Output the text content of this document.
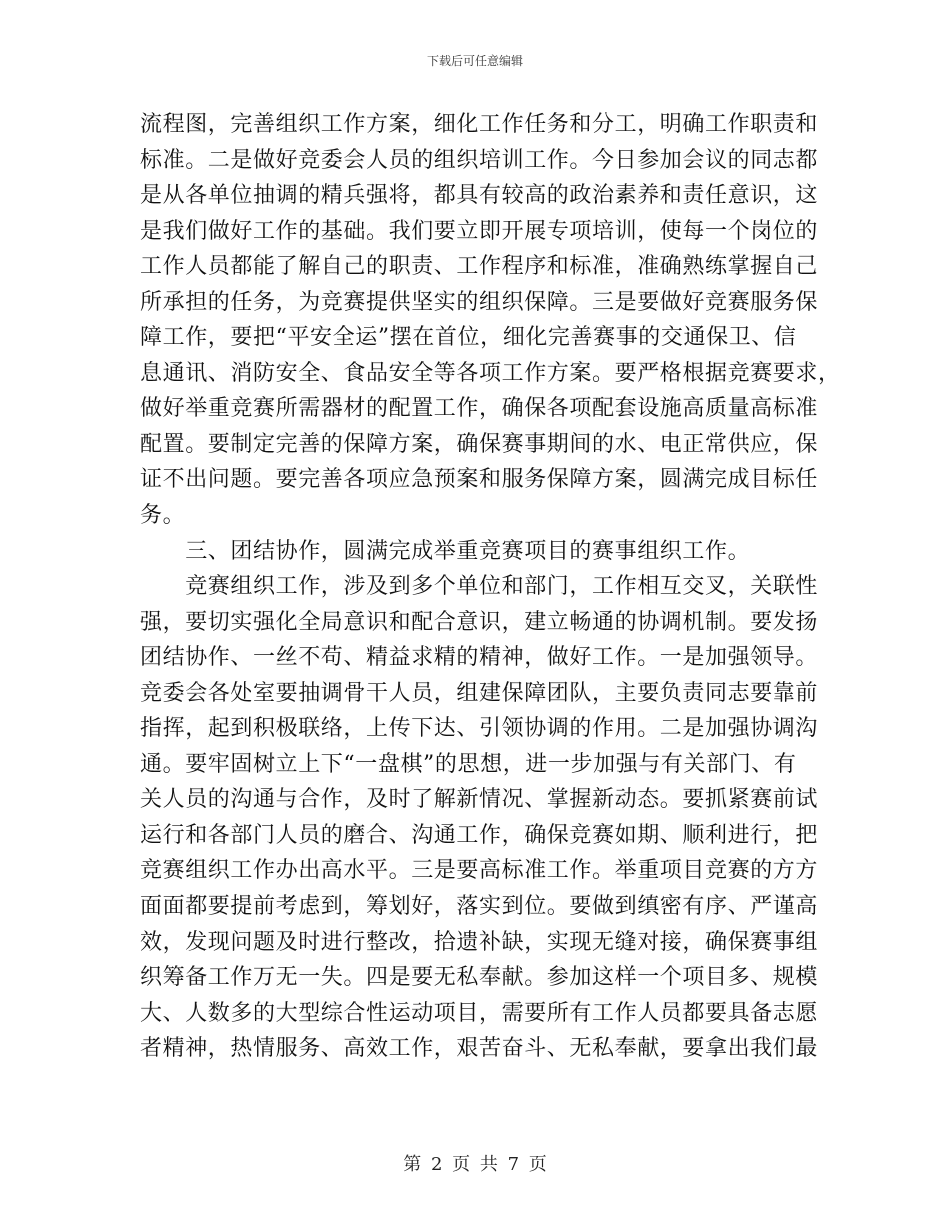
下载后可任意编辑
流程图，完善组织工作方案，细化工作任务和分工，明确工作职责和
标准。二是做好竞委会人员的组织培训工作。今日参加会议的同志都
是从各单位抽调的精兵强将，都具有较高的政治素养和责任意识，这
是我们做好工作的基础。我们要立即开展专项培训，使每一个岗位的
工作人员都能了解自己的职责、工作程序和标准，准确熟练掌握自己
所承担的任务，为竞赛提供坚实的组织保障。三是要做好竞赛服务保
障工作，要把“平安全运”摆在首位，细化完善赛事的交通保卫、信
息通讯、消防安全、食品安全等各项工作方案。要严格根据竞赛要求，
做好举重竞赛所需器材的配置工作，确保各项配套设施高质量高标准
配置。要制定完善的保障方案，确保赛事期间的水、电正常供应，保
证不出问题。要完善各项应急预案和服务保障方案，圆满完成目标任
务。
　　三、团结协作，圆满完成举重竞赛项目的赛事组织工作。
　　竞赛组织工作，涉及到多个单位和部门，工作相互交叉，关联性
强，要切实强化全局意识和配合意识，建立畅通的协调机制。要发扬
团结协作、一丝不苟、精益求精的精神，做好工作。一是加强领导。
竞委会各处室要抽调骨干人员，组建保障团队，主要负责同志要靠前
指挥，起到积极联络，上传下达、引领协调的作用。二是加强协调沟
通。要牢固树立上下“一盘棋”的思想，进一步加强与有关部门、有
关人员的沟通与合作，及时了解新情况、掌握新动态。要抓紧赛前试
运行和各部门人员的磨合、沟通工作，确保竞赛如期、顺利进行，把
竞赛组织工作办出高水平。三是要高标准工作。举重项目竞赛的方方
面面都要提前考虑到，筹划好，落实到位。要做到缜密有序、严谨高
效，发现问题及时进行整改，拾遗补缺，实现无缝对接，确保赛事组
织筹备工作万无一失。四是要无私奉献。参加这样一个项目多、规模
大、人数多的大型综合性运动项目，需要所有工作人员都要具备志愿
者精神，热情服务、高效工作，艰苦奋斗、无私奉献，要拿出我们最
第 2 页 共 7 页
